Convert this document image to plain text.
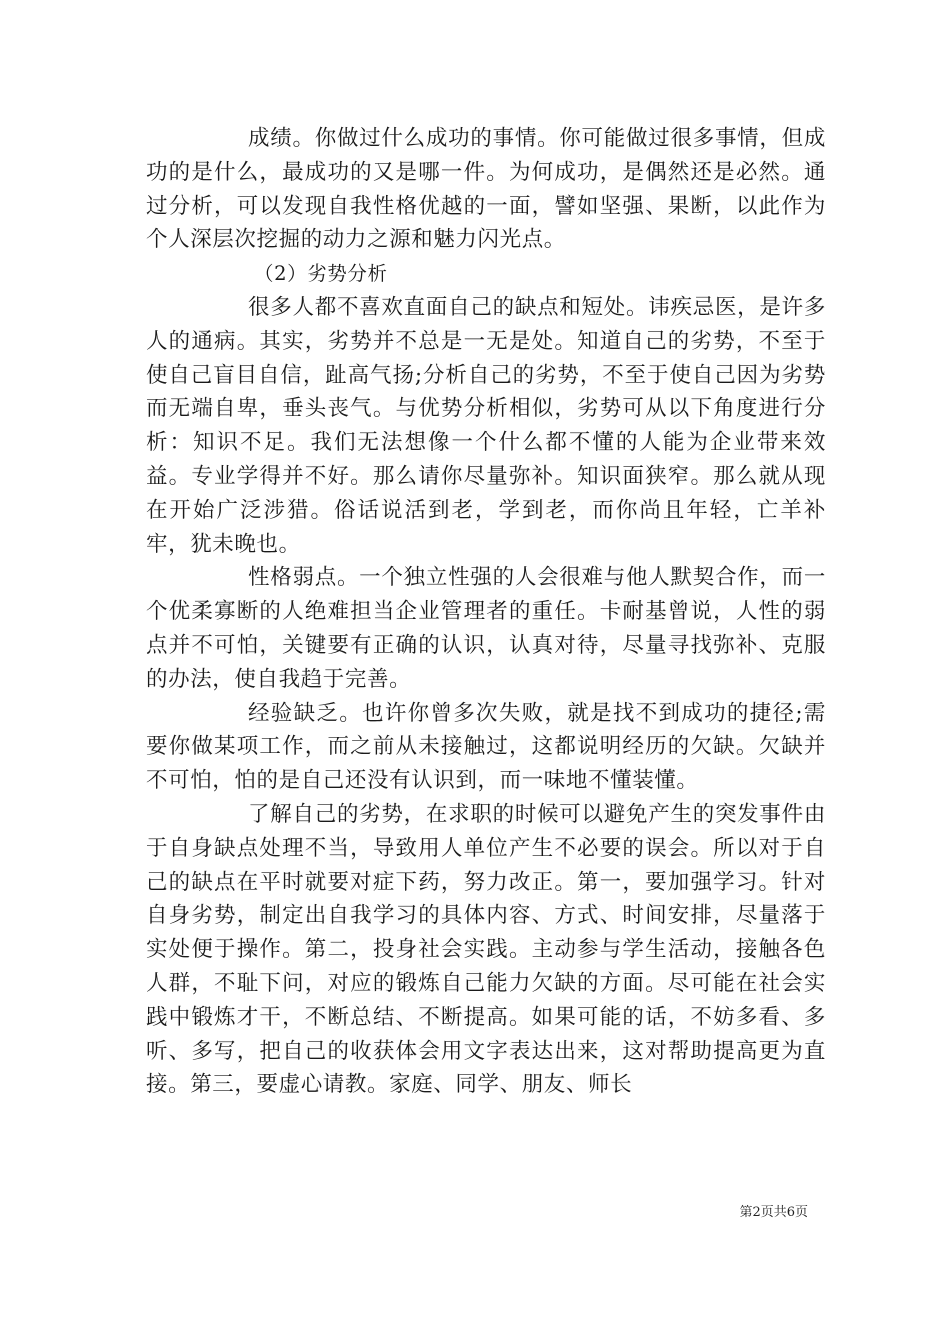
成绩。你做过什么成功的事情。你可能做过很多事情，但成功的是什么，最成功的又是哪一件。为何成功，是偶然还是必然。通过分析，可以发现自我性格优越的一面，譬如坚强、果断，以此作为个人深层次挖掘的动力之源和魅力闪光点。

（2）劣势分析

很多人都不喜欢直面自己的缺点和短处。讳疾忌医，是许多人的通病。其实，劣势并不总是一无是处。知道自己的劣势，不至于使自己盲目自信，趾高气扬;分析自己的劣势，不至于使自己因为劣势而无端自卑，垂头丧气。与优势分析相似，劣势可从以下角度进行分析：知识不足。我们无法想像一个什么都不懂的人能为企业带来效益。专业学得并不好。那么请你尽量弥补。知识面狭窄。那么就从现在开始广泛涉猎。俗话说活到老，学到老，而你尚且年轻，亡羊补牢，犹未晚也。

性格弱点。一个独立性强的人会很难与他人默契合作，而一个优柔寡断的人绝难担当企业管理者的重任。卡耐基曾说，人性的弱点并不可怕，关键要有正确的认识，认真对待，尽量寻找弥补、克服的办法，使自我趋于完善。

经验缺乏。也许你曾多次失败，就是找不到成功的捷径;需要你做某项工作，而之前从未接触过，这都说明经历的欠缺。欠缺并不可怕，怕的是自己还没有认识到，而一味地不懂装懂。

了解自己的劣势，在求职的时候可以避免产生的突发事件由于自身缺点处理不当，导致用人单位产生不必要的误会。所以对于自己的缺点在平时就要对症下药，努力改正。第一，要加强学习。针对自身劣势，制定出自我学习的具体内容、方式、时间安排，尽量落于实处便于操作。第二，投身社会实践。主动参与学生活动，接触各色人群，不耻下问，对应的锻炼自己能力欠缺的方面。尽可能在社会实践中锻炼才干，不断总结、不断提高。如果可能的话，不妨多看、多听、多写，把自己的收获体会用文字表达出来，这对帮助提高更为直接。第三，要虚心请教。家庭、同学、朋友、师长

第2页共6页
